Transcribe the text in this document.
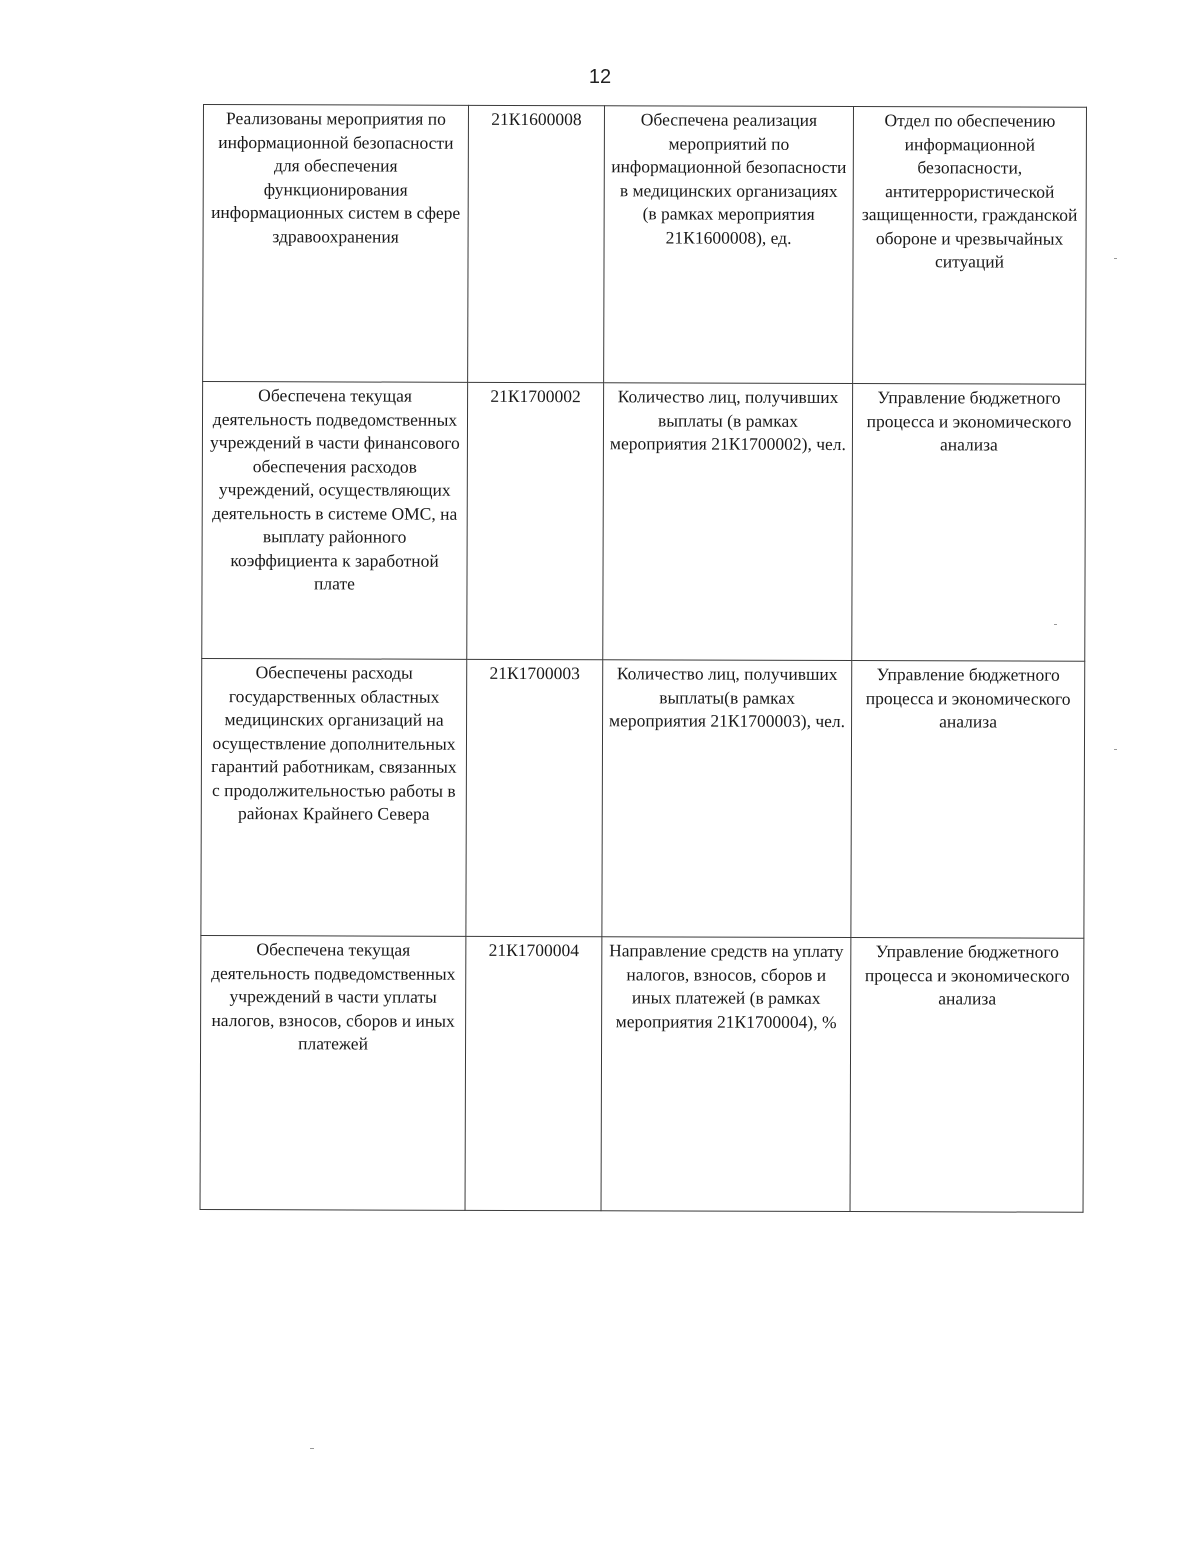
12
Реализованы мероприятия по информационной безопасности для обеспечения функционирования информационных систем в сфере здравоохранения	21К1600008	Обеспечена реализация мероприятий по информационной безопасности в медицинских организациях (в рамках мероприятия 21К1600008), ед.	Отдел по обеспечению информационной безопасности, антитеррористической защищенности, гражданской обороне и чрезвычайных ситуаций

Обеспечена текущая деятельность подведомственных учреждений в части финансового обеспечения расходов учреждений, осуществляющих деятельность в системе ОМС, на выплату районного коэффициента к заработной плате	21К1700002	Количество лиц, получивших выплаты (в рамках мероприятия 21К1700002), чел.	Управление бюджетного процесса и экономического анализа

Обеспечены расходы государственных областных медицинских организаций на осуществление дополнительных гарантий работникам, связанных с продолжительностью работы в районах Крайнего Севера	21К1700003	Количество лиц, получивших выплаты(в рамках мероприятия 21К1700003), чел.	Управление бюджетного процесса и экономического анализа

Обеспечена текущая деятельность подведомственных учреждений в части уплаты налогов, взносов, сборов и иных платежей	21К1700004	Направление средств на уплату налогов, взносов, сборов и иных платежей (в рамках мероприятия 21К1700004), %	Управление бюджетного процесса и экономического анализа
